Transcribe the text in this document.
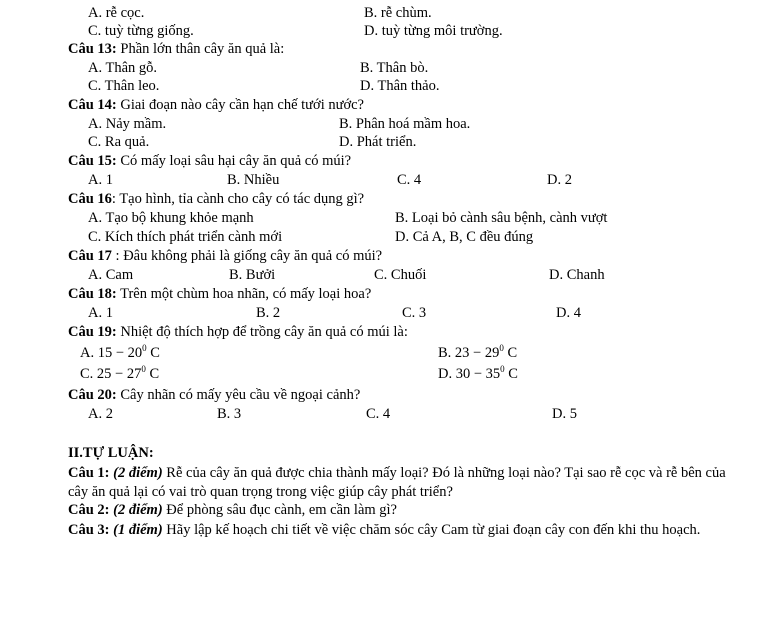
A. rễ cọc.	B. rễ chùm.
C. tuỳ từng giống.	D. tuỳ từng môi trường.
Câu 13: Phần lớn thân cây ăn quả là:
A. Thân gỗ.	B. Thân bò.
C. Thân leo.	D. Thân thảo.
Câu 14: Giai đoạn nào cây cần hạn chế tưới nước?
A. Nảy mầm.	B. Phân hoá mầm hoa.
C. Ra quả.	D. Phát triển.
Câu 15: Có mấy loại sâu hại cây ăn quả có múi?
A. 1	B. Nhiều	C. 4	D. 2
Câu 16: Tạo hình, tỉa cành cho cây có tác dụng gì?
A. Tạo bộ khung khỏe mạnh	B. Loại bỏ cành sâu bệnh, cành vượt
C. Kích thích phát triển cành mới	D. Cả A, B, C đều đúng
Câu 17 : Đâu không phải là giống cây ăn quả có múi?
A. Cam	B. Bưởi	C. Chuối	D. Chanh
Câu 18: Trên một chùm hoa nhãn, có mấy loại hoa?
A. 1	B. 2	C. 3	D. 4
Câu 19: Nhiệt độ thích hợp để trồng cây ăn quả có múi là:
A. $15 - 20^0$ C	B. $23 - 29^0$ C
C. $25 - 27^0$ C	D. $30 - 35^0$ C
Câu 20: Cây nhãn có mấy yêu cầu về ngoại cảnh?
A. 2	B. 3	C. 4	D. 5
II.TỰ LUẬN:
Câu 1: (2 điểm) Rễ của cây ăn quả được chia thành mấy loại? Đó là những loại nào? Tại sao rễ cọc và rễ bên của cây ăn quả lại có vai trò quan trọng trong việc giúp cây phát triển?
Câu 2: (2 điểm) Để phòng sâu đục cành, em cần làm gì?
Câu 3: (1 điểm) Hãy lập kế hoạch chi tiết về việc chăm sóc cây Cam từ giai đoạn cây con đến khi thu hoạch.
